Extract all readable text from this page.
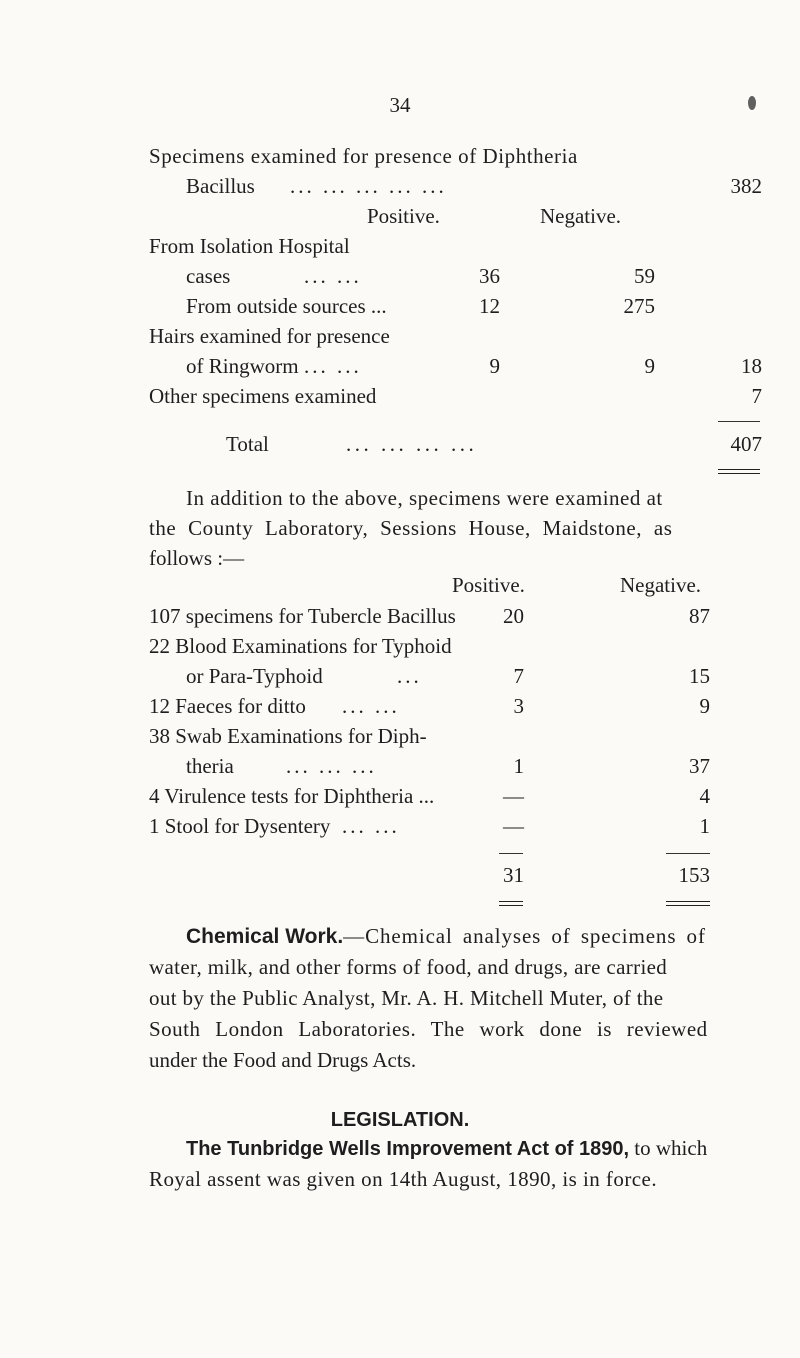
34
Specimens examined for presence of Diphtheria
Bacillus ... ... ... ... ...	382
Positive.	Negative.
From Isolation Hospital
cases	... ...	36	59
From outside sources ...	12	275
Hairs examined for presence
of Ringworm ... ...	9	9	18
Other specimens examined	7
Total	... ... ... ...	407
In addition to the above, specimens were examined at
the County Laboratory, Sessions House, Maidstone, as
follows :—
Positive.	Negative.
107 specimens for Tubercle Bacillus	20	87
22 Blood Examinations for Typhoid
or Para-Typhoid	...	7	15
12 Faeces for ditto ... ...	3	9
38 Swab Examinations for Diph-
theria ... ... ...	1	37
4 Virulence tests for Diphtheria ...	—	4
1 Stool for Dysentery ... ...	—	1
31	153
Chemical Work.—Chemical analyses of specimens of
water, milk, and other forms of food, and drugs, are carried
out by the Public Analyst, Mr. A. H. Mitchell Muter, of the
South London Laboratories. The work done is reviewed
under the Food and Drugs Acts.
LEGISLATION.
The Tunbridge Wells Improvement Act of 1890, to which
Royal assent was given on 14th August, 1890, is in force.
